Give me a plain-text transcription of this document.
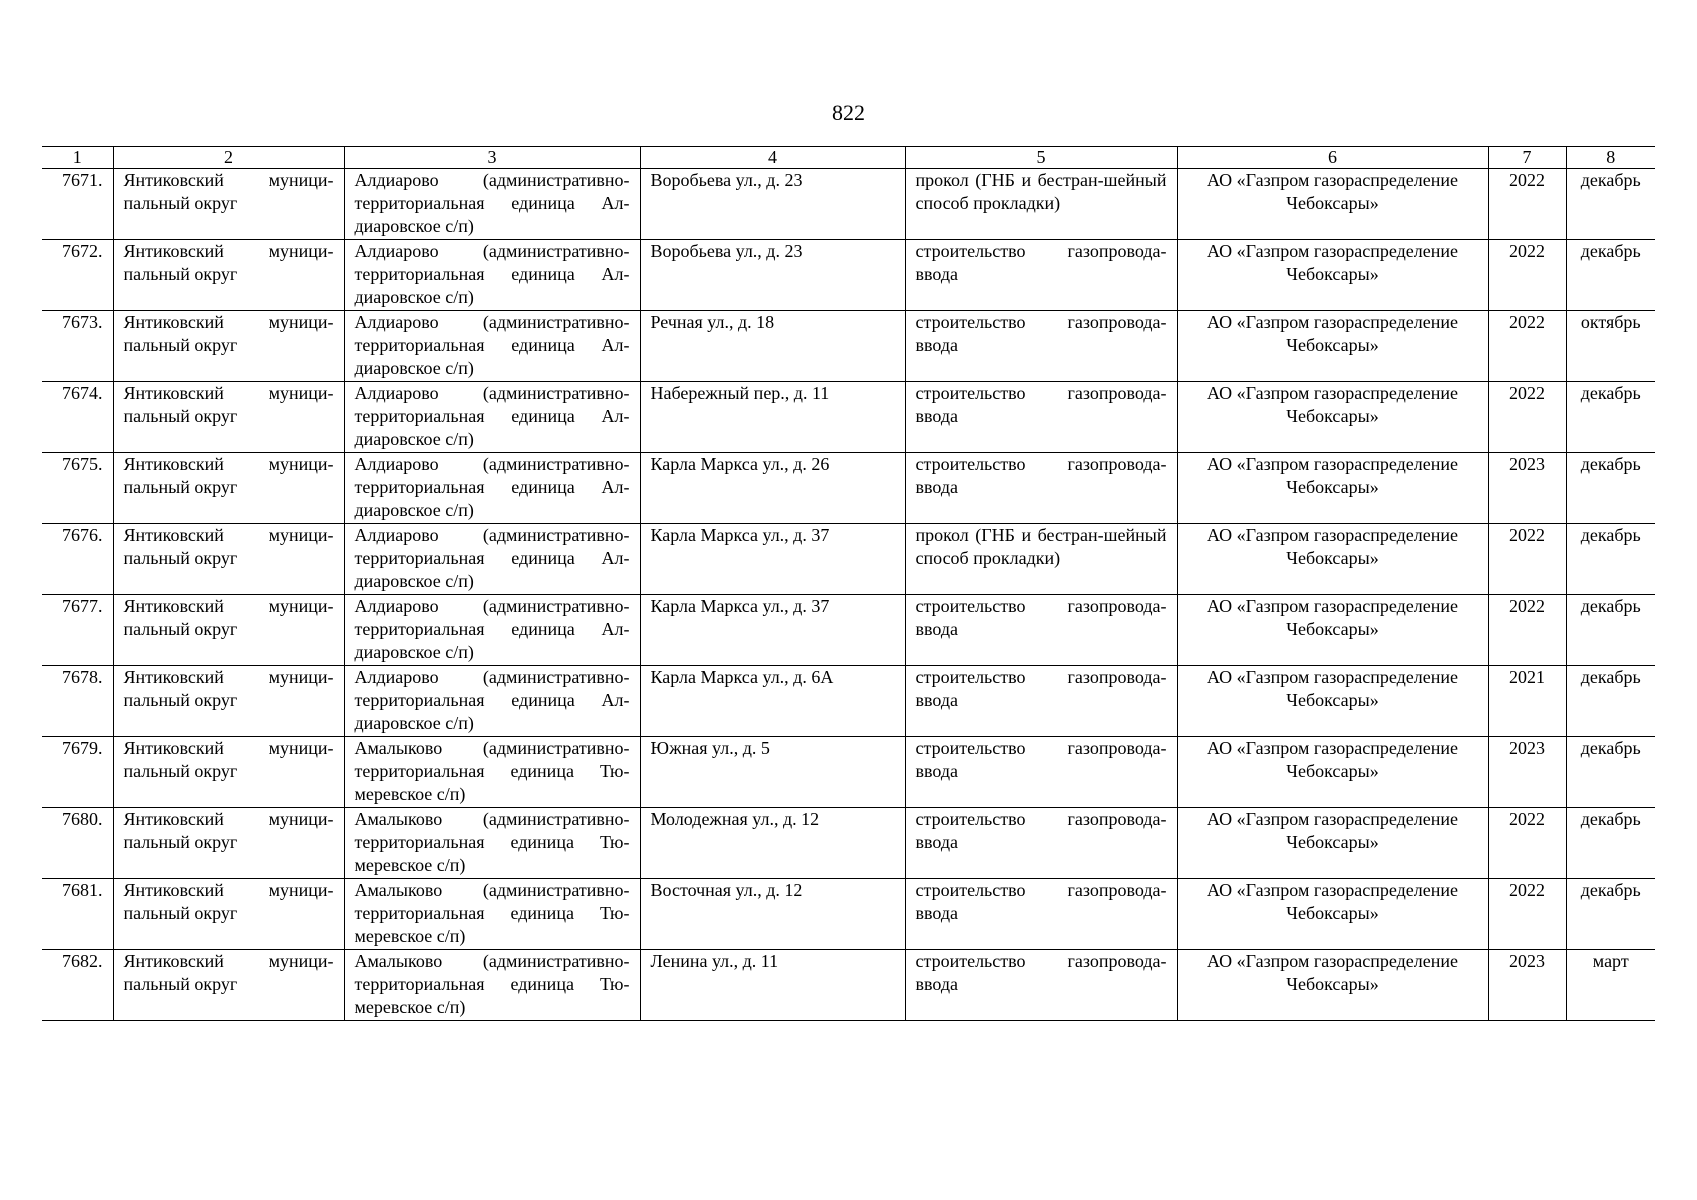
822
1	2	3	4	5	6	7	8
7671.	Янтиковский муници-пальный округ	Алдиарово (административно-территориальная единица Ал-диаровское с/п)	Воробьева ул., д. 23	прокол (ГНБ и бестран-шейный способ прокладки)	АО «Газпром газораспределение Чебоксары»	2022	декабрь
7672.	Янтиковский муници-пальный округ	Алдиарово (административно-территориальная единица Ал-диаровское с/п)	Воробьева ул., д. 23	строительство газопровода-ввода	АО «Газпром газораспределение Чебоксары»	2022	декабрь
7673.	Янтиковский муници-пальный округ	Алдиарово (административно-территориальная единица Ал-диаровское с/п)	Речная ул., д. 18	строительство газопровода-ввода	АО «Газпром газораспределение Чебоксары»	2022	октябрь
7674.	Янтиковский муници-пальный округ	Алдиарово (административно-территориальная единица Ал-диаровское с/п)	Набережный пер., д. 11	строительство газопровода-ввода	АО «Газпром газораспределение Чебоксары»	2022	декабрь
7675.	Янтиковский муници-пальный округ	Алдиарово (административно-территориальная единица Ал-диаровское с/п)	Карла Маркса ул., д. 26	строительство газопровода-ввода	АО «Газпром газораспределение Чебоксары»	2023	декабрь
7676.	Янтиковский муници-пальный округ	Алдиарово (административно-территориальная единица Ал-диаровское с/п)	Карла Маркса ул., д. 37	прокол (ГНБ и бестран-шейный способ прокладки)	АО «Газпром газораспределение Чебоксары»	2022	декабрь
7677.	Янтиковский муници-пальный округ	Алдиарово (административно-территориальная единица Ал-диаровское с/п)	Карла Маркса ул., д. 37	строительство газопровода-ввода	АО «Газпром газораспределение Чебоксары»	2022	декабрь
7678.	Янтиковский муници-пальный округ	Алдиарово (административно-территориальная единица Ал-диаровское с/п)	Карла Маркса ул., д. 6А	строительство газопровода-ввода	АО «Газпром газораспределение Чебоксары»	2021	декабрь
7679.	Янтиковский муници-пальный округ	Амалыково (административно-территориальная единица Тю-меревское с/п)	Южная ул., д. 5	строительство газопровода-ввода	АО «Газпром газораспределение Чебоксары»	2023	декабрь
7680.	Янтиковский муници-пальный округ	Амалыково (административно-территориальная единица Тю-меревское с/п)	Молодежная ул., д. 12	строительство газопровода-ввода	АО «Газпром газораспределение Чебоксары»	2022	декабрь
7681.	Янтиковский муници-пальный округ	Амалыково (административно-территориальная единица Тю-меревское с/п)	Восточная ул., д. 12	строительство газопровода-ввода	АО «Газпром газораспределение Чебоксары»	2022	декабрь
7682.	Янтиковский муници-пальный округ	Амалыково (административно-территориальная единица Тю-меревское с/п)	Ленина ул., д. 11	строительство газопровода-ввода	АО «Газпром газораспределение Чебоксары»	2023	март
